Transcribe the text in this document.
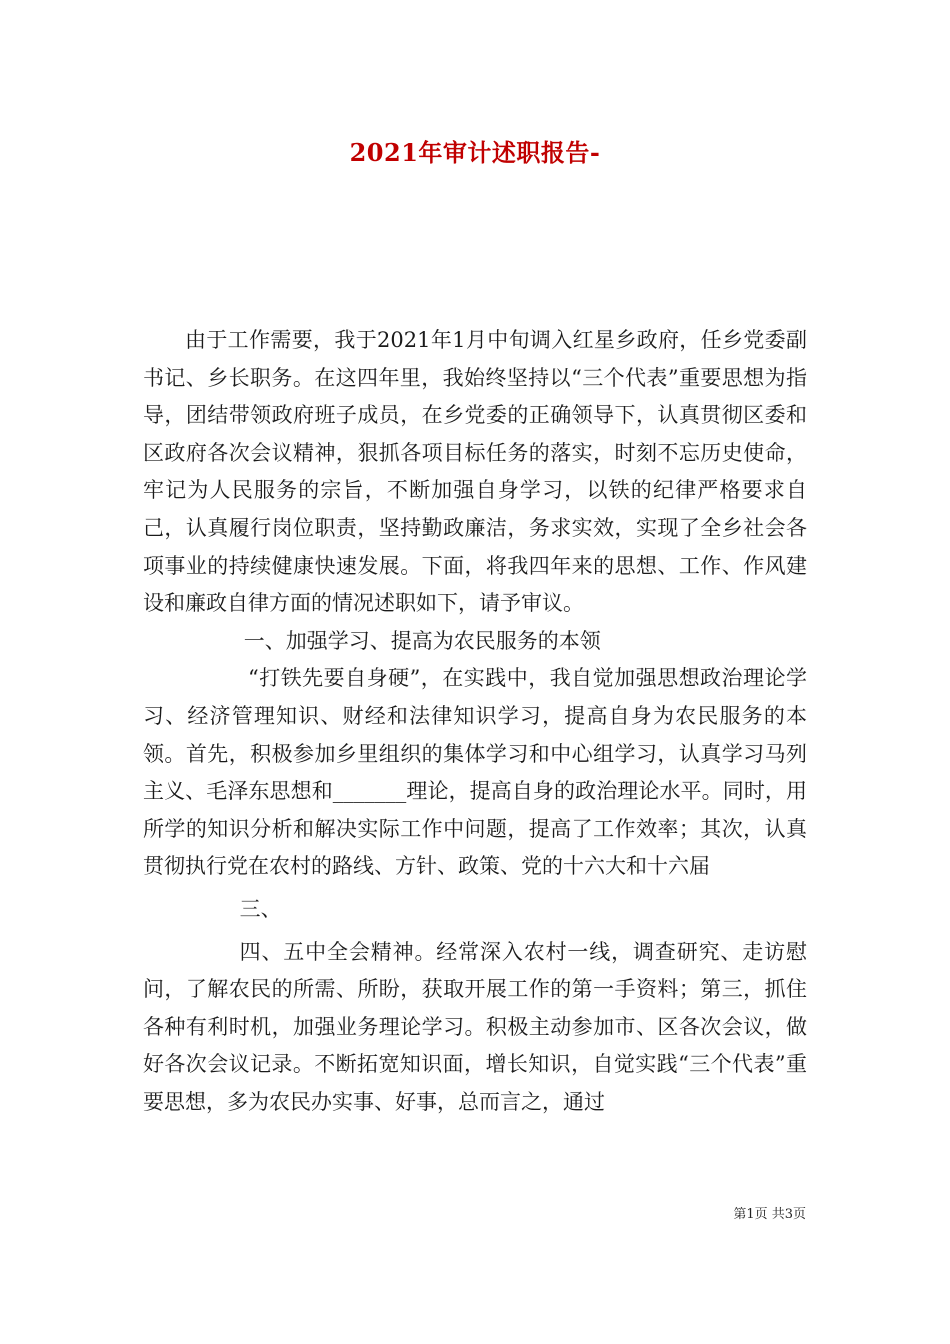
2021年审计述职报告-

由于工作需要，我于2021年1月中旬调入红星乡政府，任乡党委副书记、乡长职务。在这四年里，我始终坚持以“三个代表”重要思想为指导，团结带领政府班子成员，在乡党委的正确领导下，认真贯彻区委和区政府各次会议精神，狠抓各项目标任务的落实，时刻不忘历史使命，牢记为人民服务的宗旨，不断加强自身学习，以铁的纪律严格要求自己，认真履行岗位职责，坚持勤政廉洁，务求实效，实现了全乡社会各项事业的持续健康快速发展。下面，将我四年来的思想、工作、作风建设和廉政自律方面的情况述职如下，请予审议。

一、加强学习、提高为农民服务的本领

“打铁先要自身硬”，在实践中，我自觉加强思想政治理论学习、经济管理知识、财经和法律知识学习，提高自身为农民服务的本领。首先，积极参加乡里组织的集体学习和中心组学习，认真学习马列主义、毛泽东思想和_______理论，提高自身的政治理论水平。同时，用所学的知识分析和解决实际工作中问题，提高了工作效率；其次，认真贯彻执行党在农村的路线、方针、政策、党的十六大和十六届

三、

四、五中全会精神。经常深入农村一线，调查研究、走访慰问，了解农民的所需、所盼，获取开展工作的第一手资料；第三，抓住各种有利时机，加强业务理论学习。积极主动参加市、区各次会议，做好各次会议记录。不断拓宽知识面，增长知识，自觉实践“三个代表”重要思想，多为农民办实事、好事，总而言之，通过

第1页 共3页
